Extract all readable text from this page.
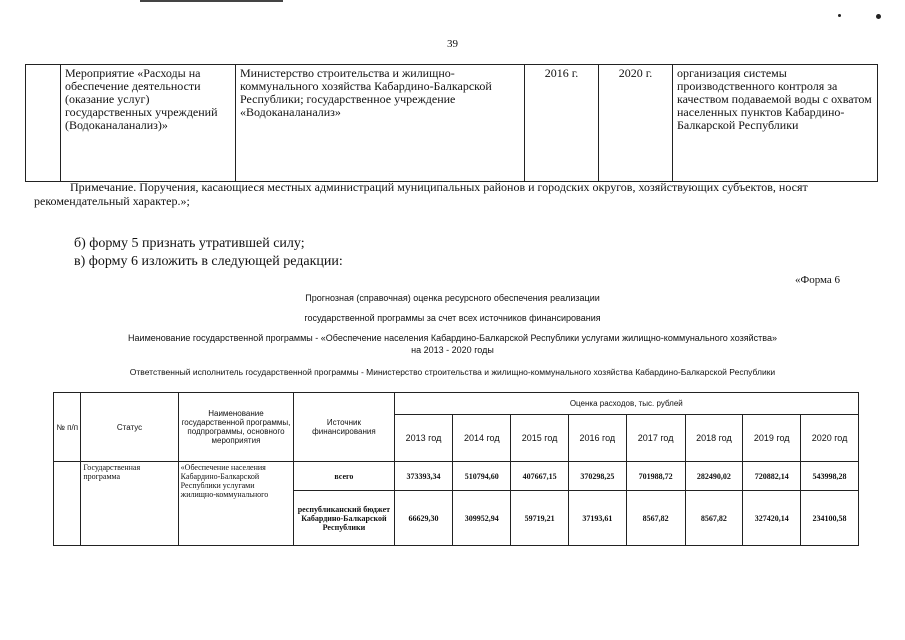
39
	Мероприятие «Расходы на обеспечение деятельности (оказание услуг) государственных учреждений (Водоканаланализ)»	Министерство строительства и жилищно-коммунального хозяйства Кабардино-Балкарской Республики; государственное учреждение «Водоканаланализ»	2016 г.	2020 г.	организация системы производственного контроля за качеством подаваемой воды с охватом населенных пунктов Кабардино-Балкарской Республики
Примечание. Поручения, касающиеся местных администраций муниципальных районов и городских округов, хозяйствующих субъектов, носят рекомендательный характер.»;
б) форму 5 признать утратившей силу;
в) форму 6 изложить в следующей редакции:
«Форма 6
Прогнозная (справочная) оценка ресурсного обеспечения реализации
государственной программы за счет всех источников финансирования
Наименование государственной программы - «Обеспечение населения Кабардино-Балкарской Республики услугами жилищно-коммунального хозяйства»
на 2013 - 2020 годы
Ответственный исполнитель государственной программы - Министерство строительства и жилищно-коммунального хозяйства Кабардино-Балкарской Республики
№ п/п	Статус	Наименование государственной программы, подпрограммы, основного мероприятия	Источник финансирования	Оценка расходов, тыс. рублей							
				2013 год	2014 год	2015 год	2016 год	2017 год	2018 год	2019 год	2020 год
	Государственная программа	«Обеспечение населения Кабардино-Балкарской Республики услугами жилищно-коммунального	всего	373393,34	510794,60	407667,15	370298,25	701988,72	282490,02	720882,14	543998,28
			республиканский бюджет Кабардино-Балкарской Республики	66629,30	309952,94	59719,21	37193,61	8567,82	8567,82	327420,14	234100,58
